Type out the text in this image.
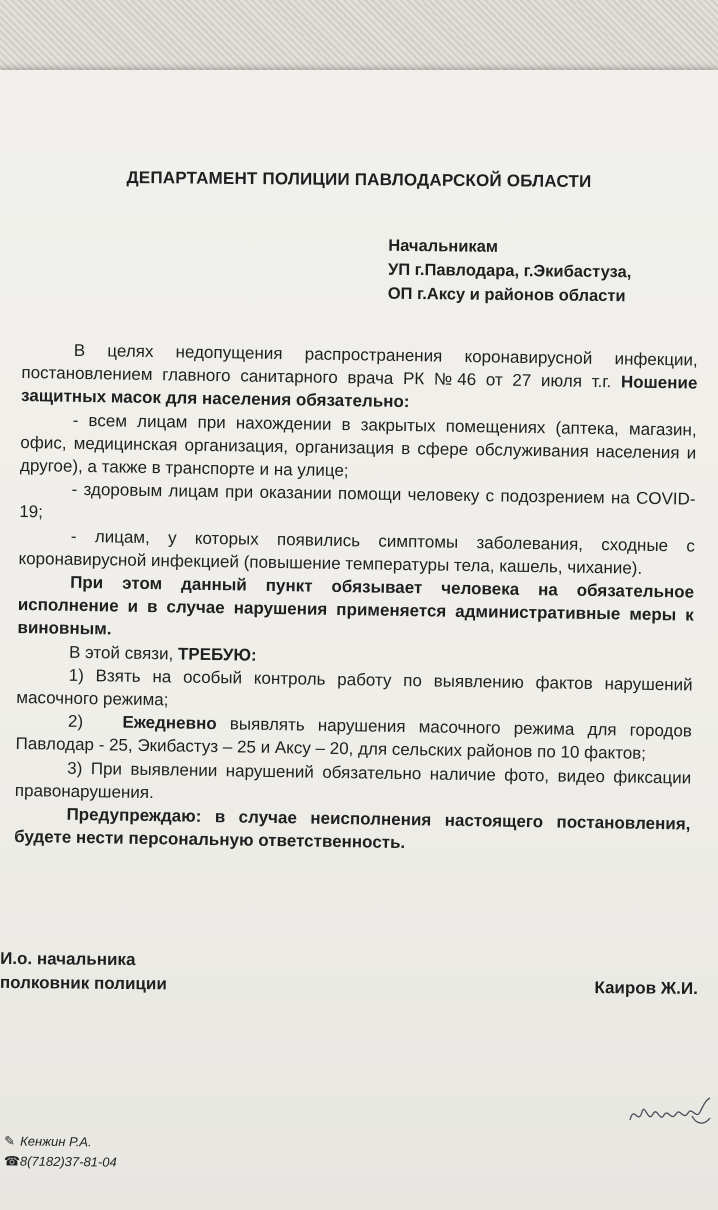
ДЕПАРТАМЕНТ ПОЛИЦИИ ПАВЛОДАРСКОЙ ОБЛАСТИ
Начальникам
УП г.Павлодара, г.Экибастуза,
ОП г.Аксу и районов области

В целях недопущения распространения коронавирусной инфекции, постановлением главного санитарного врача РК №46 от 27 июля т.г. Ношение защитных масок для населения обязательно:

- всем лицам при нахождении в закрытых помещениях (аптека, магазин, офис, медицинская организация, организация в сфере обслуживания населения и другое), а также в транспорте и на улице;

- здоровым лицам при оказании помощи человеку с подозрением на COVID-19;

- лицам, у которых появились симптомы заболевания, сходные с коронавирусной инфекцией (повышение температуры тела, кашель, чихание).

При этом данный пункт обязывает человека на обязательное исполнение и в случае нарушения применяется административные меры к виновным.

В этой связи, ТРЕБУЮ:

1) Взять на особый контроль работу по выявлению фактов нарушений масочного режима;

2) Ежедневно выявлять нарушения масочного режима для городов Павлодар - 25, Экибастуз – 25 и Аксу – 20, для сельских районов по 10 фактов;

3) При выявлении нарушений обязательно наличие фото, видео фиксации правонарушения.

Предупреждаю: в случае неисполнения настоящего постановления, будете нести персональную ответственность.

И.о. начальника
полковник полиции	Каиров Ж.И.
✎ Кенжин Р.А.
☎8(7182)37-81-04
